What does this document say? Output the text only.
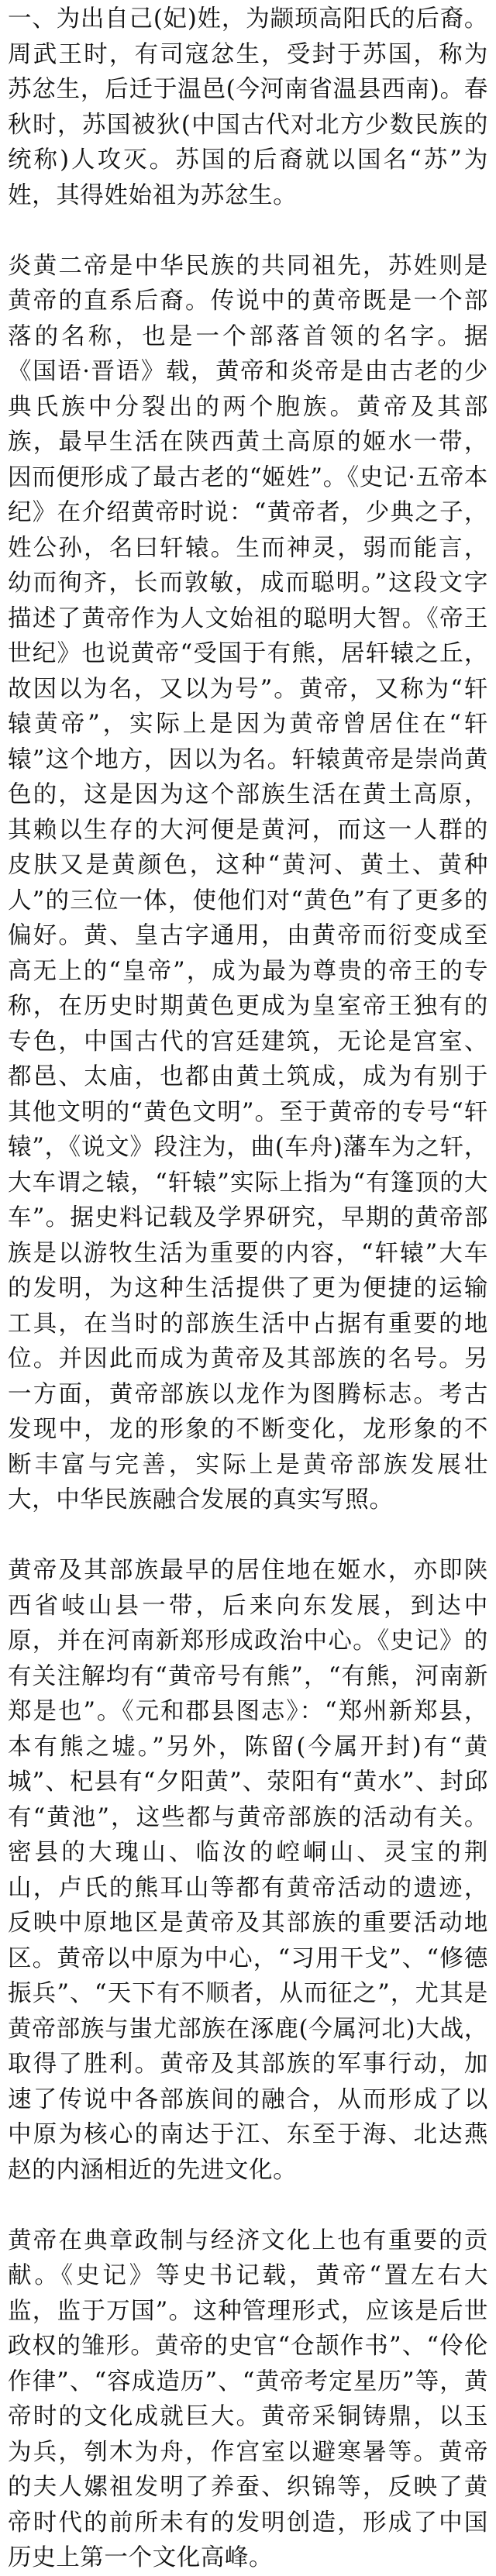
一、为出自己(妃)姓，为颛顼高阳氏的后裔。周武王时，有司寇忿生，受封于苏国，称为苏忿生，后迁于温邑(今河南省温县西南)。春秋时，苏国被狄(中国古代对北方少数民族的统称)人攻灭。苏国的后裔就以国名“苏”为姓，其得姓始祖为苏忿生。

炎黄二帝是中华民族的共同祖先，苏姓则是黄帝的直系后裔。传说中的黄帝既是一个部落的名称，也是一个部落首领的名字。据《国语·晋语》载，黄帝和炎帝是由古老的少典氏族中分裂出的两个胞族。黄帝及其部族，最早生活在陕西黄土高原的姬水一带，因而便形成了最古老的“姬姓”。《史记·五帝本纪》在介绍黄帝时说：“黄帝者，少典之子，姓公孙，名曰轩辕。生而神灵，弱而能言，幼而徇齐，长而敦敏，成而聪明。”这段文字描述了黄帝作为人文始祖的聪明大智。《帝王世纪》也说黄帝“受国于有熊，居轩辕之丘，故因以为名，又以为号”。黄帝，又称为“轩辕黄帝”，实际上是因为黄帝曾居住在“轩辕”这个地方，因以为名。轩辕黄帝是崇尚黄色的，这是因为这个部族生活在黄土高原，其赖以生存的大河便是黄河，而这一人群的皮肤又是黄颜色，这种“黄河、黄土、黄种人”的三位一体，使他们对“黄色”有了更多的偏好。黄、皇古字通用，由黄帝而衍变成至高无上的“皇帝”，成为最为尊贵的帝王的专称，在历史时期黄色更成为皇室帝王独有的专色，中国古代的宫廷建筑，无论是宫室、都邑、太庙，也都由黄土筑成，成为有别于其他文明的“黄色文明”。至于黄帝的专号“轩辕”，《说文》段注为，曲(车舟)藩车为之轩，大车谓之辕，“轩辕”实际上指为“有篷顶的大车”。据史料记载及学界研究，早期的黄帝部族是以游牧生活为重要的内容，“轩辕”大车的发明，为这种生活提供了更为便捷的运输工具，在当时的部族生活中占据有重要的地位。并因此而成为黄帝及其部族的名号。另一方面，黄帝部族以龙作为图腾标志。考古发现中，龙的形象的不断变化，龙形象的不断丰富与完善，实际上是黄帝部族发展壮大，中华民族融合发展的真实写照。

黄帝及其部族最早的居住地在姬水，亦即陕西省岐山县一带，后来向东发展，到达中原，并在河南新郑形成政治中心。《史记》的有关注解均有“黄帝号有熊”，“有熊，河南新郑是也”。《元和郡县图志》：“郑州新郑县，本有熊之墟。”另外，陈留(今属开封)有“黄城”、杞县有“夕阳黄”、荥阳有“黄水”、封邱有“黄池”，这些都与黄帝部族的活动有关。密县的大瑰山、临汝的崆峒山、灵宝的荆山，卢氏的熊耳山等都有黄帝活动的遗迹，反映中原地区是黄帝及其部族的重要活动地区。黄帝以中原为中心，“习用干戈”、“修德振兵”、“天下有不顺者，从而征之”，尤其是黄帝部族与蚩尤部族在涿鹿(今属河北)大战，取得了胜利。黄帝及其部族的军事行动，加速了传说中各部族间的融合，从而形成了以中原为核心的南达于江、东至于海、北达燕赵的内涵相近的先进文化。

黄帝在典章政制与经济文化上也有重要的贡献。《史记》等史书记载，黄帝“置左右大监，监于万国”。这种管理形式，应该是后世政权的雏形。黄帝的史官“仓颉作书”、“伶伦作律”、“容成造历”、“黄帝考定星历”等，黄帝时的文化成就巨大。黄帝采铜铸鼎，以玉为兵，刳木为舟，作宫室以避寒暑等。黄帝的夫人嫘祖发明了养蚕、织锦等，反映了黄帝时代的前所未有的发明创造，形成了中国历史上第一个文化高峰。
